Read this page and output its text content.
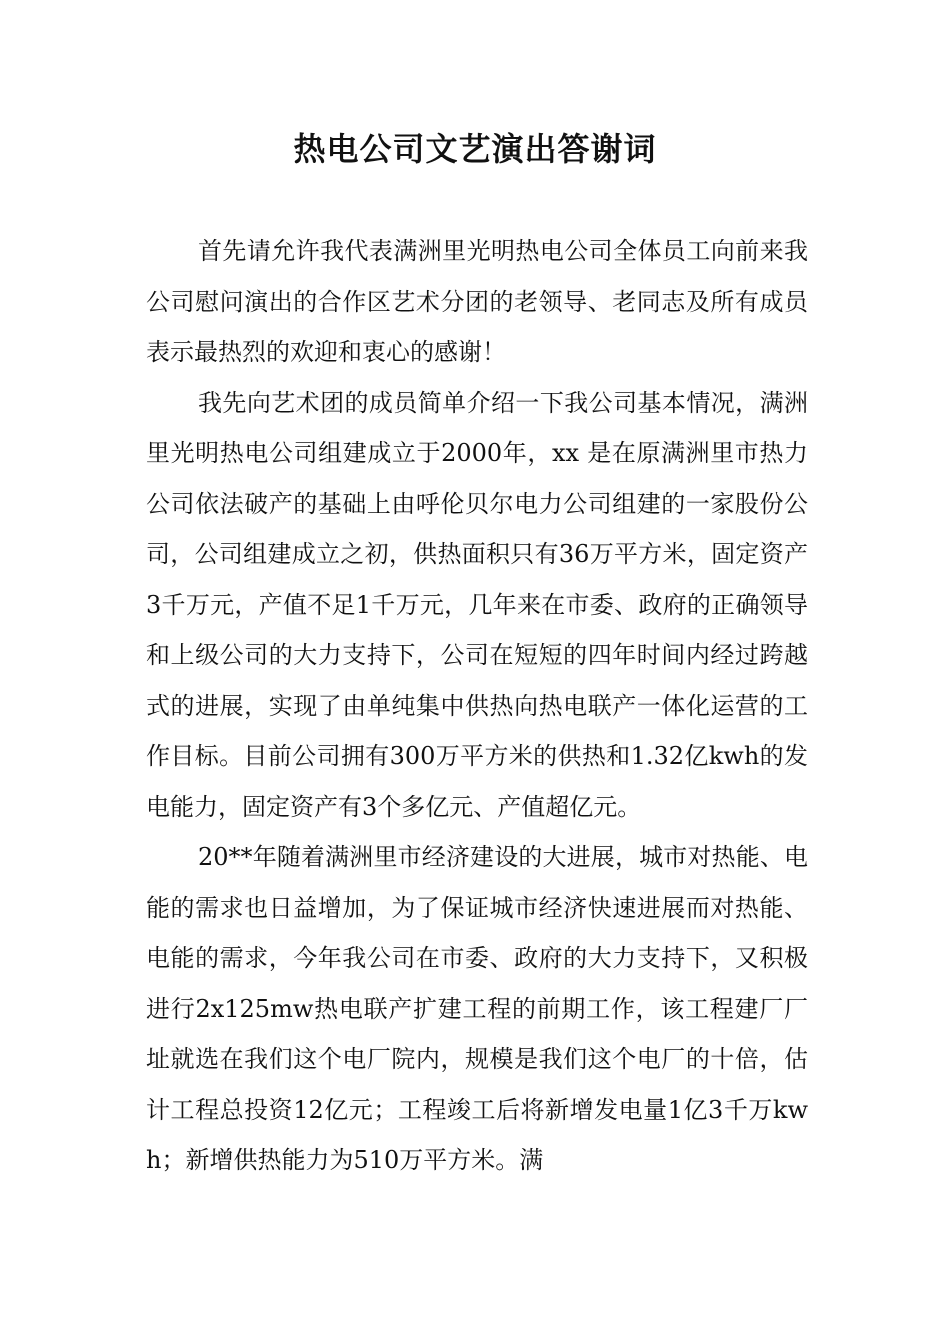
热电公司文艺演出答谢词

首先请允许我代表满洲里光明热电公司全体员工向前来我公司慰问演出的合作区艺术分团的老领导、老同志及所有成员表示最热烈的欢迎和衷心的感谢！

我先向艺术团的成员简单介绍一下我公司基本情况，满洲里光明热电公司组建成立于2000年，xx 是在原满洲里市热力公司依法破产的基础上由呼伦贝尔电力公司组建的一家股份公司，公司组建成立之初，供热面积只有36万平方米，固定资产3千万元，产值不足1千万元，几年来在市委、政府的正确领导和上级公司的大力支持下，公司在短短的四年时间内经过跨越式的进展，实现了由单纯集中供热向热电联产一体化运营的工作目标。目前公司拥有300万平方米的供热和1.32亿kwh的发电能力，固定资产有3个多亿元、产值超亿元。

20**年随着满洲里市经济建设的大进展，城市对热能、电能的需求也日益增加，为了保证城市经济快速进展而对热能、电能的需求，今年我公司在市委、政府的大力支持下，又积极进行2x125mw热电联产扩建工程的前期工作，该工程建厂厂址就选在我们这个电厂院内，规模是我们这个电厂的十倍，估计工程总投资12亿元；工程竣工后将新增发电量1亿3千万kwh；新增供热能力为510万平方米。满
